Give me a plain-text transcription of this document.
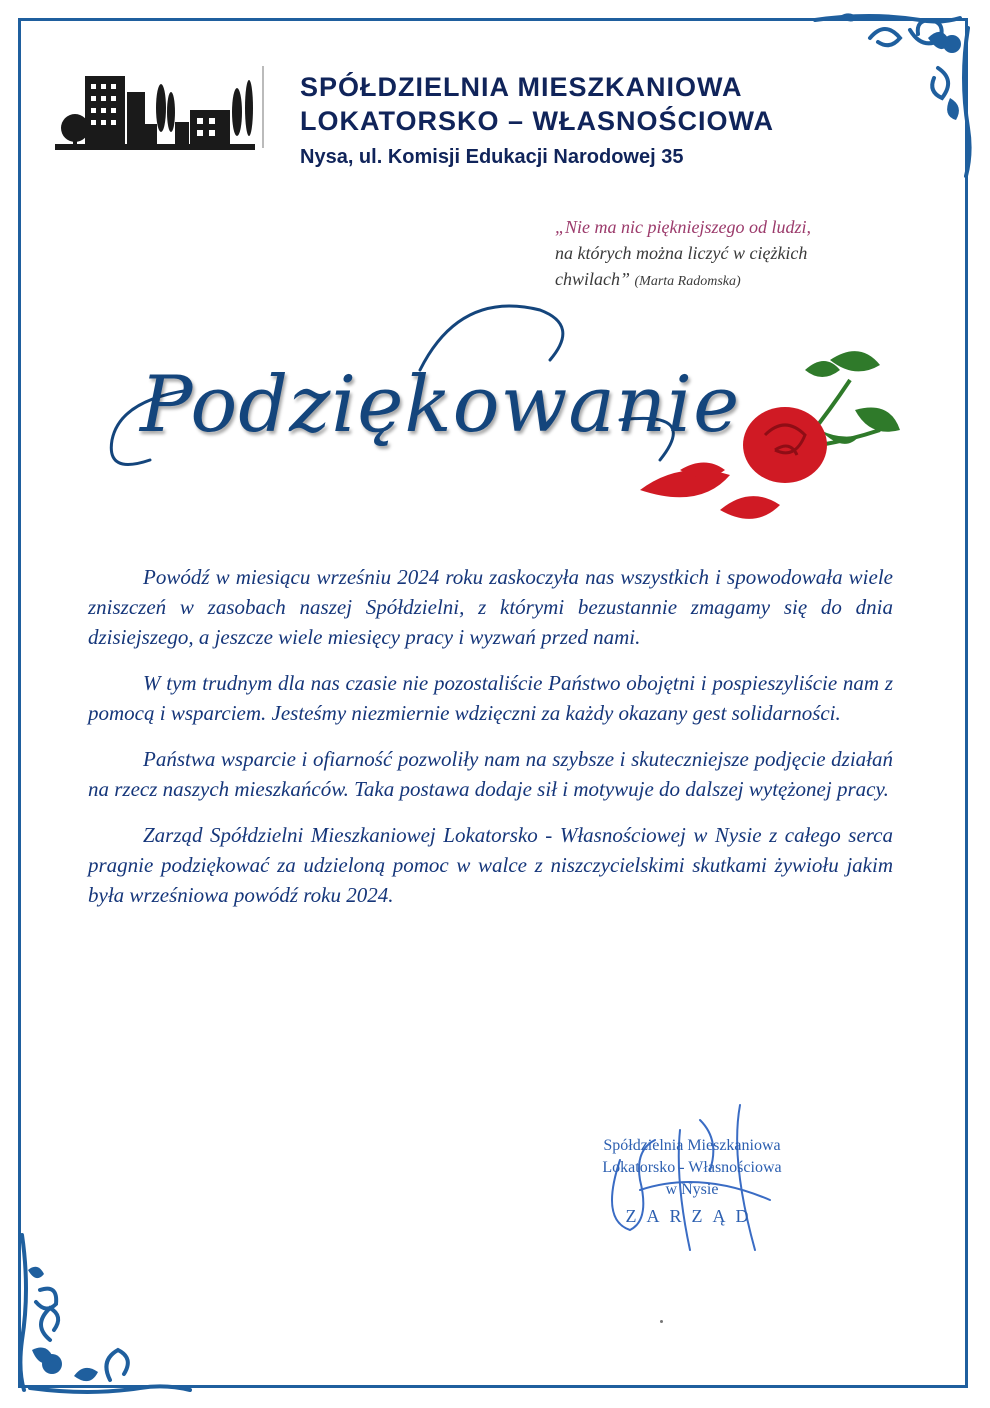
SPÓŁDZIELNIA MIESZKANIOWA
LOKATORSKO – WŁASNOŚCIOWA
Nysa, ul. Komisji Edukacji Narodowej 35
„Nie ma nic piękniejszego od ludzi,
na których można liczyć w ciężkich
chwilach” (Marta Radomska)
Podziękowanie

Powódź w miesiącu wrześniu 2024 roku zaskoczyła nas wszystkich i spowodowała wiele zniszczeń w zasobach naszej Spółdzielni, z którymi bezustannie zmagamy się do dnia dzisiejszego, a jeszcze wiele miesięcy pracy i wyzwań przed nami.

W tym trudnym dla nas czasie nie pozostaliście Państwo obojętni i pospieszyliście nam z pomocą i wsparciem. Jesteśmy niezmiernie wdzięczni za każdy okazany gest solidarności.

Państwa wsparcie i ofiarność pozwoliły nam na szybsze i skuteczniejsze podjęcie działań na rzecz naszych mieszkańców. Taka postawa dodaje sił i motywuje do dalszej wytężonej pracy.

Zarząd Spółdzielni Mieszkaniowej Lokatorsko - Własnościowej w Nysie z całego serca pragnie podziękować za udzieloną pomoc w walce z niszczycielskimi skutkami żywiołu jakim była wrześniowa powódź roku 2024.

Spółdzielnia Mieszkaniowa
Lokatorsko - Własnościowa
w Nysie
ZARZĄD
